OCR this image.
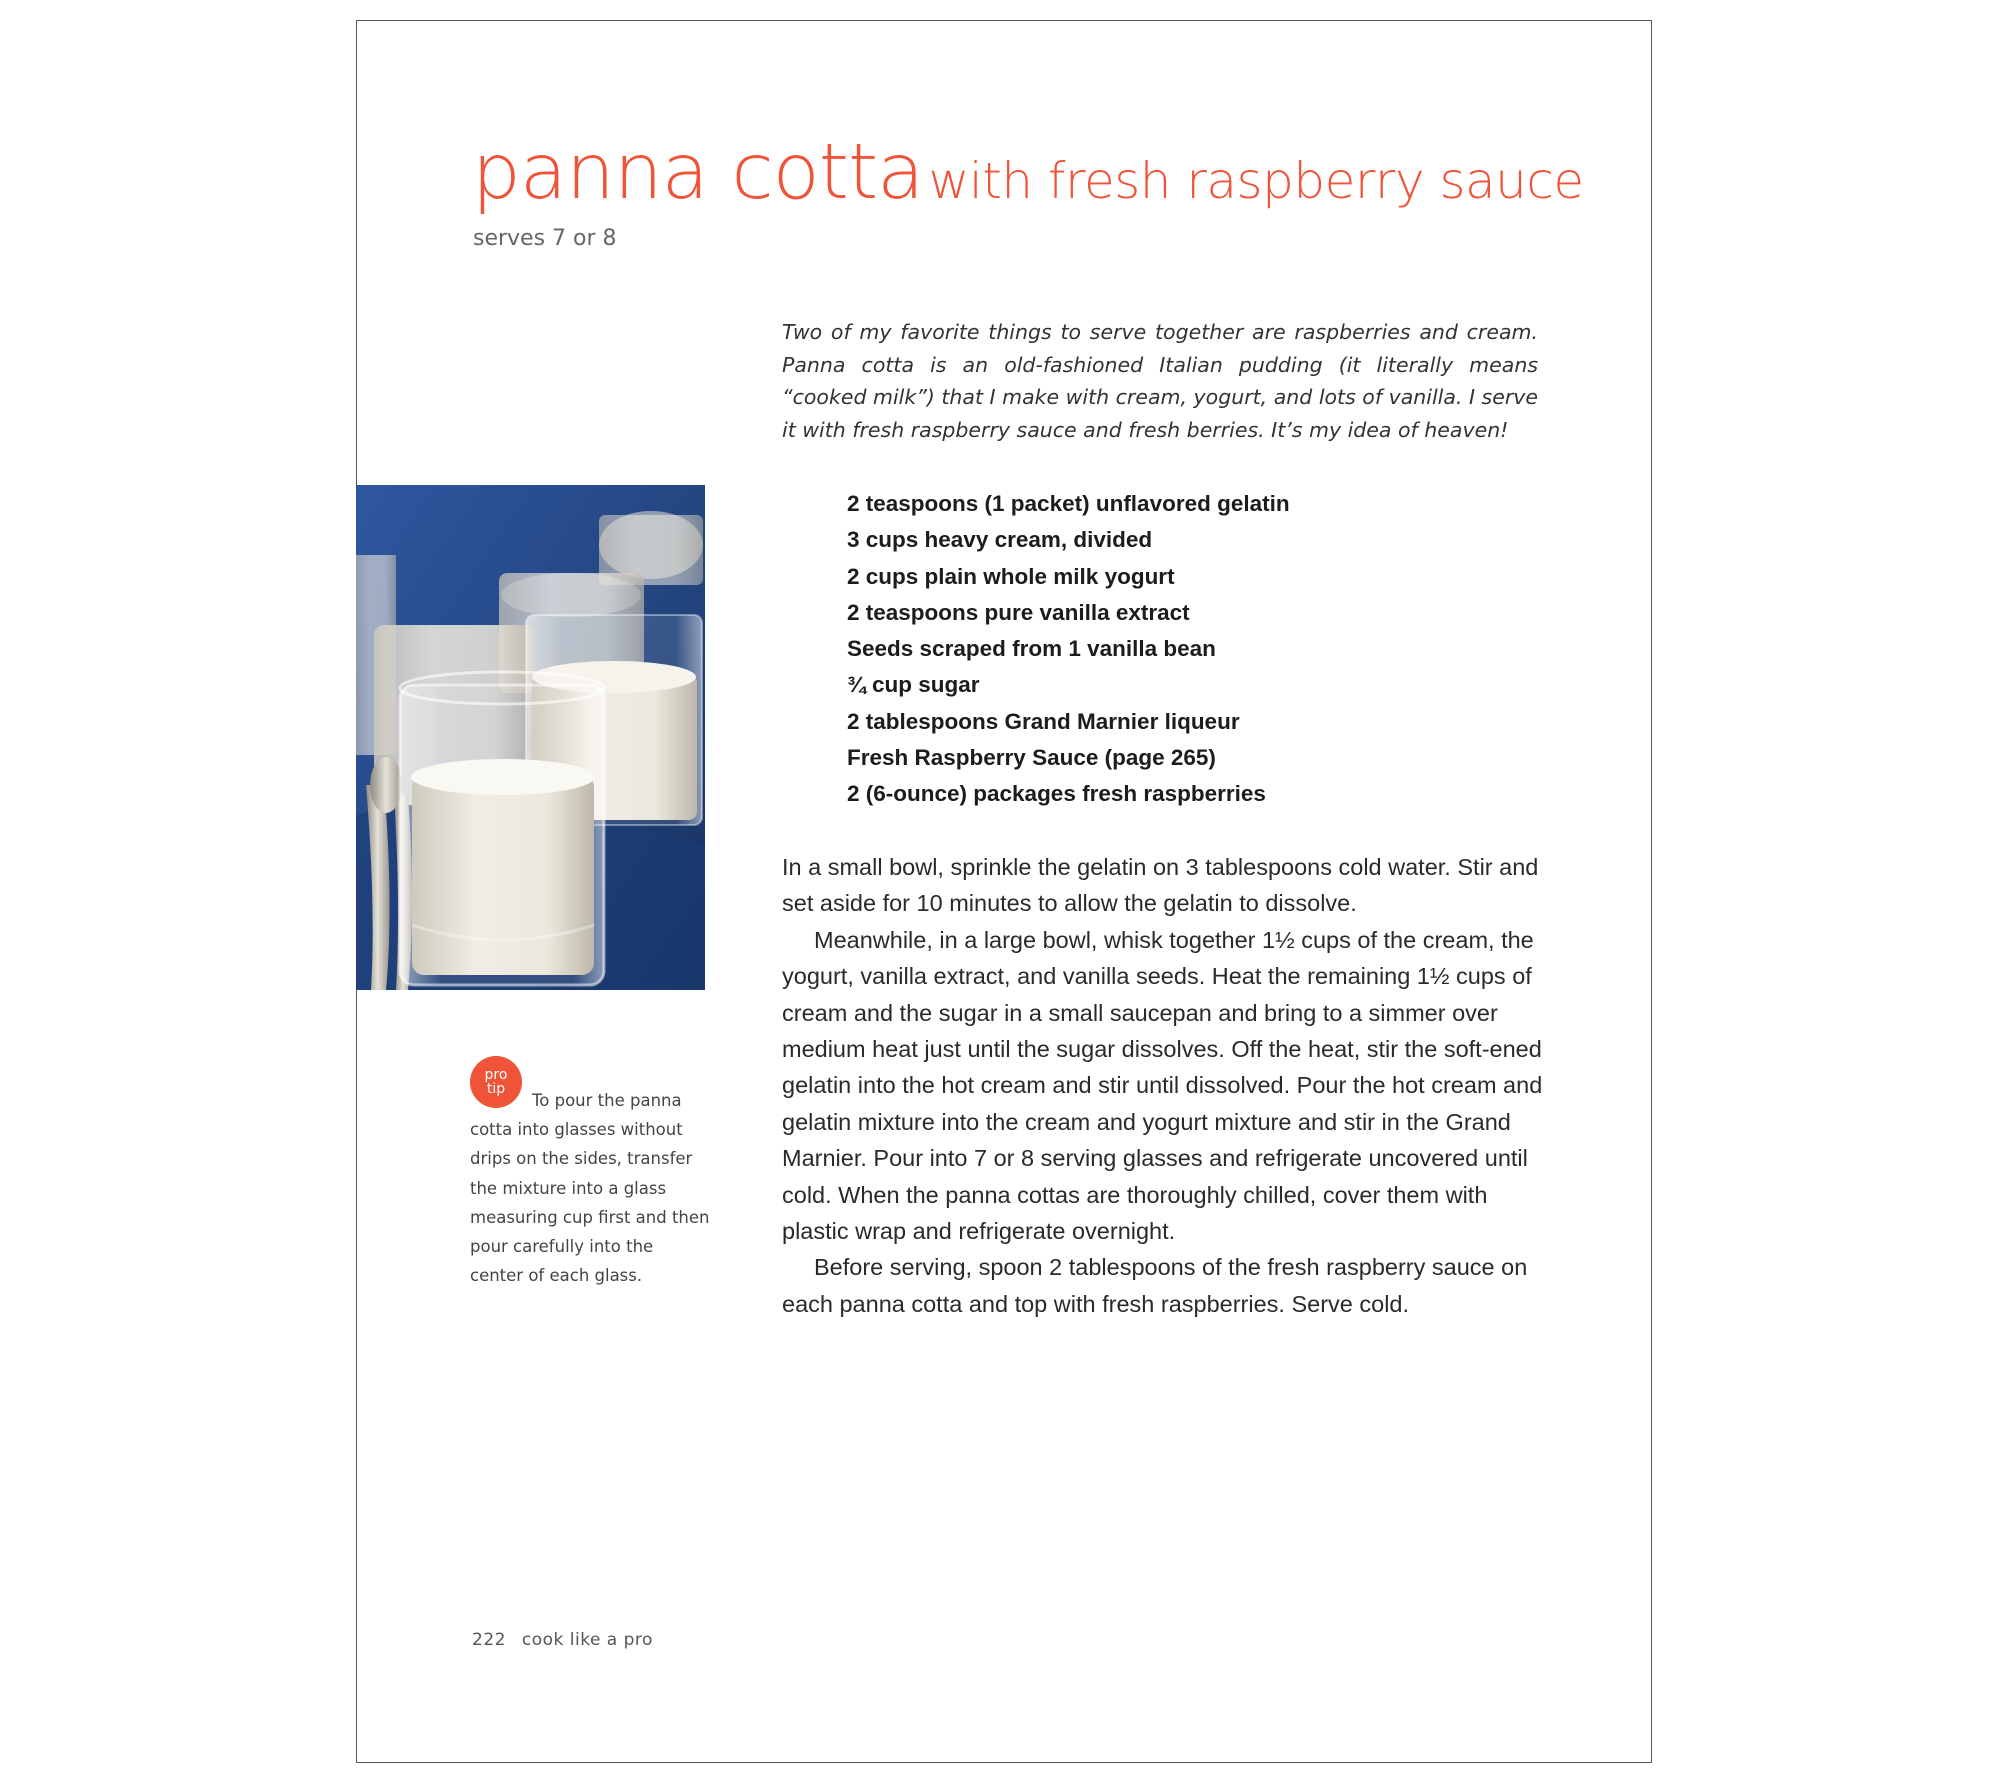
panna cotta with fresh raspberry sauce
serves 7 or 8
Two of my favorite things to serve together are raspberries and cream. Panna cotta is an old-fashioned Italian pudding (it literally means “cooked milk”) that I make with cream, yogurt, and lots of vanilla. I serve it with fresh raspberry sauce and fresh berries. It’s my idea of heaven!
2 teaspoons (1 packet) unflavored gelatin
3 cups heavy cream, divided
2 cups plain whole milk yogurt
2 teaspoons pure vanilla extract
Seeds scraped from 1 vanilla bean
¾ cup sugar
2 tablespoons Grand Marnier liqueur
Fresh Raspberry Sauce (page 265)
2 (6-ounce) packages fresh raspberries

In a small bowl, sprinkle the gelatin on 3 tablespoons cold water. Stir and set aside for 10 minutes to allow the gelatin to dissolve.

Meanwhile, in a large bowl, whisk together 1½ cups of the cream, the yogurt, vanilla extract, and vanilla seeds. Heat the remaining 1½ cups of cream and the sugar in a small saucepan and bring to a simmer over medium heat just until the sugar dissolves. Off the heat, stir the soft-ened gelatin into the hot cream and stir until dissolved. Pour the hot cream and gelatin mixture into the cream and yogurt mixture and stir in the Grand Marnier. Pour into 7 or 8 serving glasses and refrigerate uncovered until cold. When the panna cottas are thoroughly chilled, cover them with plastic wrap and refrigerate overnight.

Before serving, spoon 2 tablespoons of the fresh raspberry sauce on each panna cotta and top with fresh raspberries. Serve cold.

pro
tip
To pour the panna cotta into glasses without drips on the sides, transfer the mixture into a glass measuring cup first and then pour carefully into the center of each glass.
222 cook like a pro
